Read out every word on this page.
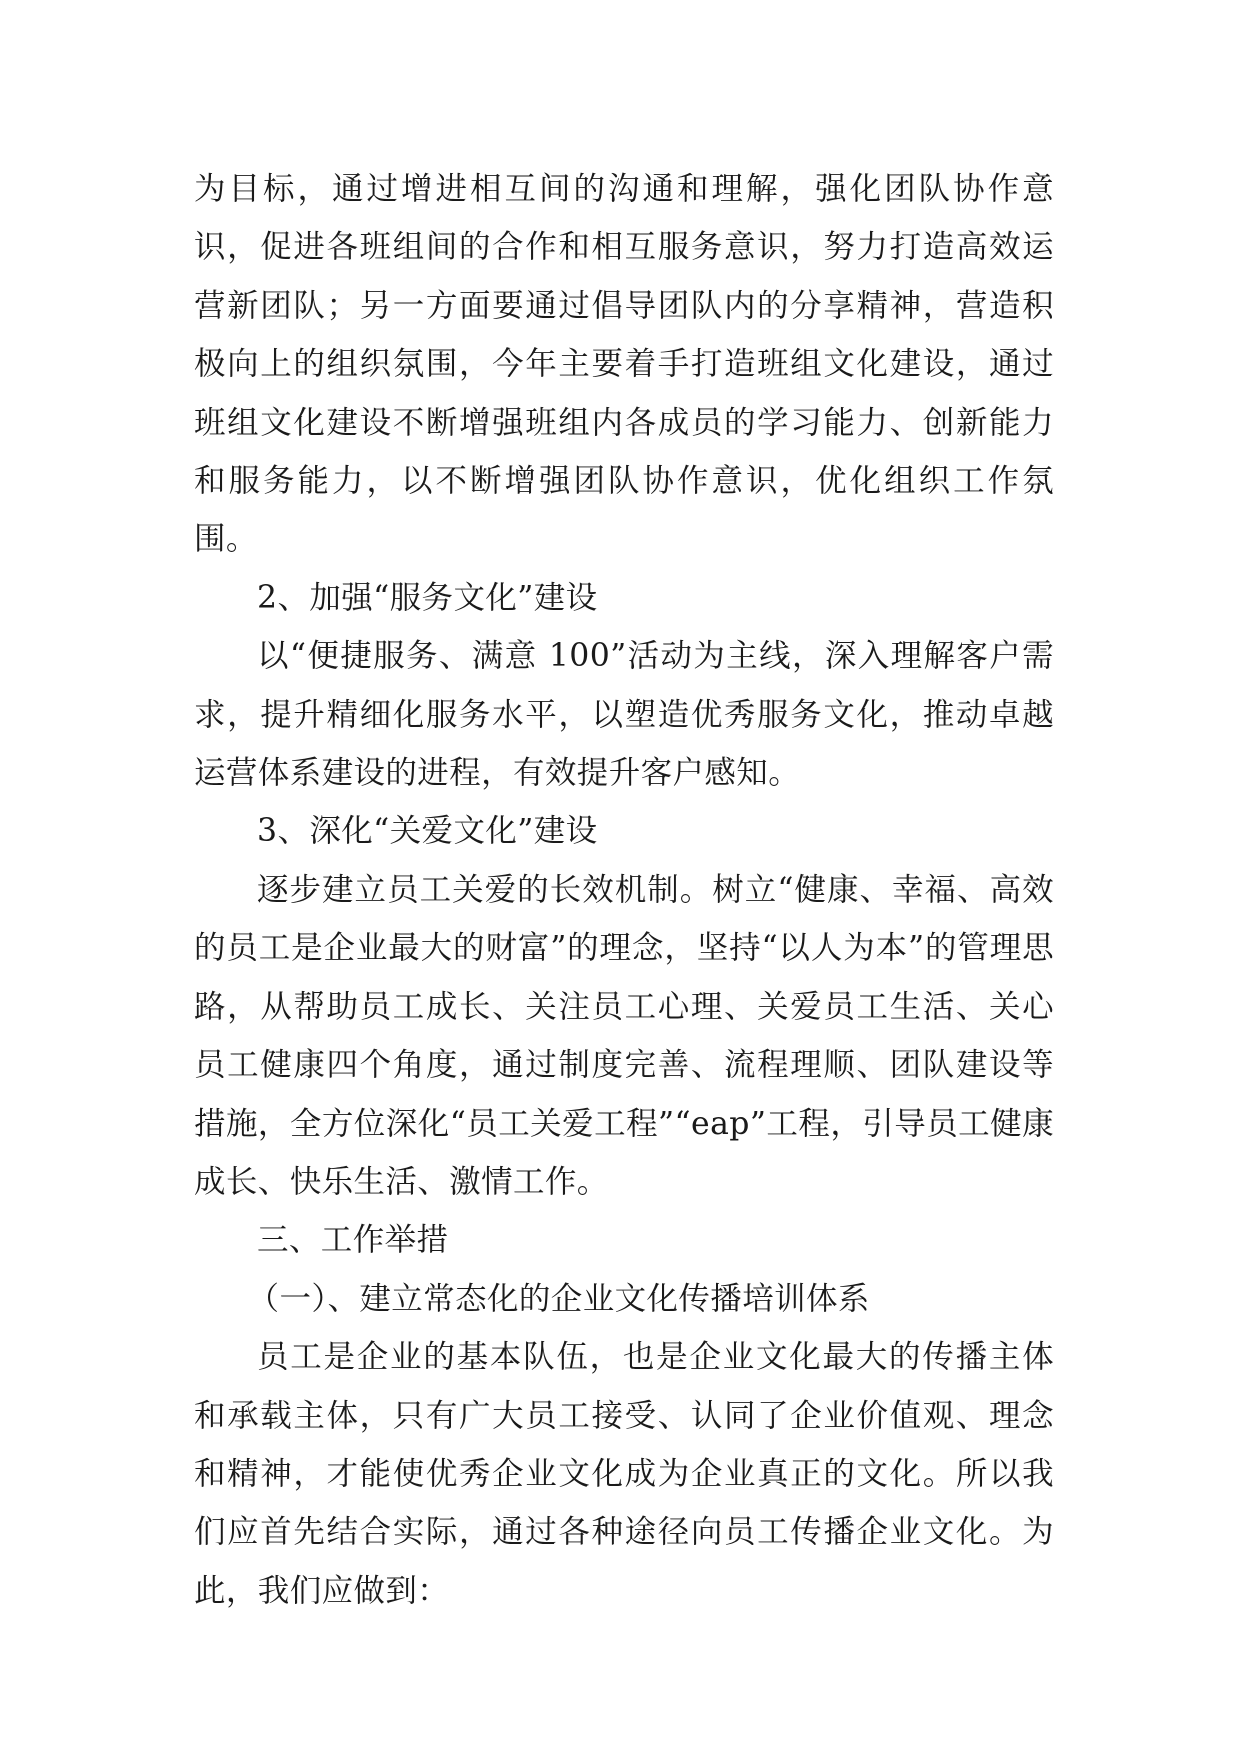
为目标，通过增进相互间的沟通和理解，强化团队协作意识，促进各班组间的合作和相互服务意识，努力打造高效运营新团队；另一方面要通过倡导团队内的分享精神，营造积极向上的组织氛围，今年主要着手打造班组文化建设，通过班组文化建设不断增强班组内各成员的学习能力、创新能力和服务能力，以不断增强团队协作意识，优化组织工作氛围。

2、加强“服务文化”建设

以“便捷服务、满意 100”活动为主线，深入理解客户需求，提升精细化服务水平，以塑造优秀服务文化，推动卓越运营体系建设的进程，有效提升客户感知。

3、深化“关爱文化”建设

逐步建立员工关爱的长效机制。树立“健康、幸福、高效的员工是企业最大的财富”的理念，坚持“以人为本”的管理思路，从帮助员工成长、关注员工心理、关爱员工生活、关心员工健康四个角度，通过制度完善、流程理顺、团队建设等措施，全方位深化“员工关爱工程”“eap”工程，引导员工健康成长、快乐生活、激情工作。

三、工作举措

（一）、建立常态化的企业文化传播培训体系

员工是企业的基本队伍，也是企业文化最大的传播主体和承载主体，只有广大员工接受、认同了企业价值观、理念和精神，才能使优秀企业文化成为企业真正的文化。所以我们应首先结合实际，通过各种途径向员工传播企业文化。为此，我们应做到：
